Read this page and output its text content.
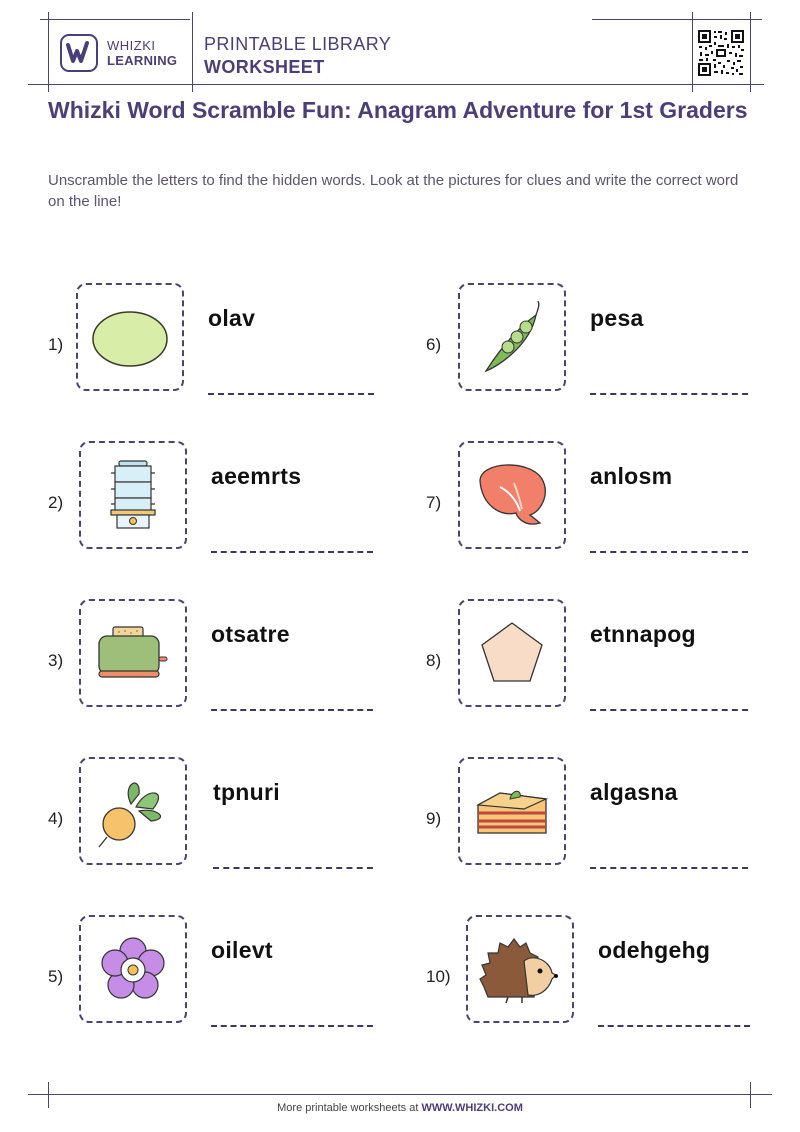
WHIZKI
LEARNING
PRINTABLE LIBRARY
WORKSHEET
Whizki Word Scramble Fun: Anagram Adventure for 1st Graders
Unscramble the letters to find the hidden words. Look at the pictures for clues and write the correct word on the line!
1)
olav
2)
aeemrts
3)
otsatre
4)
tpnuri
5)
oilevt
6)
pesa
7)
anlosm
8)
etnnapog
9)
algasna
10)
odehgehg
More printable worksheets at WWW.WHIZKI.COM
